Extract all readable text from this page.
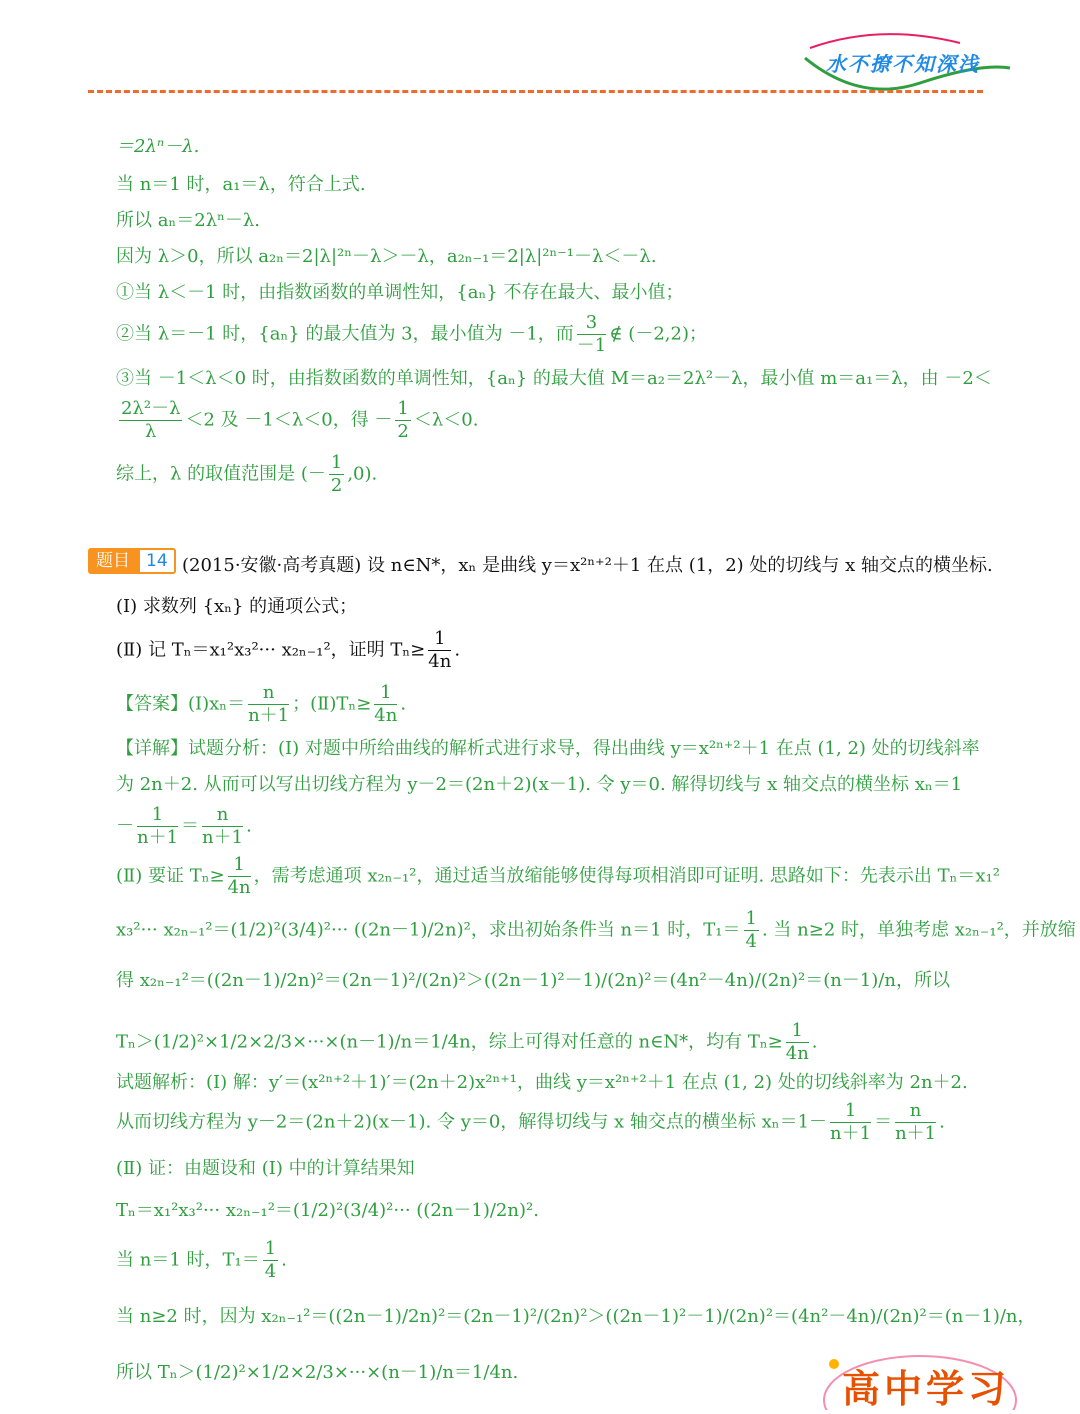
水不撩不知深浅
＝2λⁿ－λ.
当 n＝1 时，a₁＝λ，符合上式.
所以 aₙ＝2λⁿ－λ.
因为 λ＞0，所以 a₂ₙ＝2|λ|²ⁿ－λ＞－λ，a₂ₙ₋₁＝2|λ|²ⁿ⁻¹－λ＜－λ.
①当 λ＜－1 时，由指数函数的单调性知，{aₙ} 不存在最大、最小值；
②当 λ＝－1 时，{aₙ} 的最大值为 3，最小值为 －1，而 $\frac{3}{-1}$ ∉ (－2,2)；
③当 －1＜λ＜0 时，由指数函数的单调性知，{aₙ} 的最大值 M＝a₂＝2λ²－λ，最小值 m＝a₁＝λ，由 －2＜
$\frac{\text{2λ²－λ}}{\lambda} <2$ 及 －1＜λ＜0，得 － $\frac{1}{2} <\lambda<0$.
综上，λ 的取值范围是 (－ $\frac{1}{2} ,0$).
题目 14 (2015·安徽·高考真题) 设 n∈N*，xₙ 是曲线 y＝x²ⁿ⁺²＋1 在点 (1，2) 处的切线与 x 轴交点的横坐标.
(Ⅰ) 求数列 {xₙ} 的通项公式；
(Ⅱ) 记 Tₙ＝x₁²x₃²··· x₂ₙ₋₁²，证明 $T_n\ge \frac{1}{4n}$ .
【答案】(Ⅰ)xₙ＝ $\frac{n}{n+1}$ ；(Ⅱ)Tₙ≥ $\frac{1}{4n}$ .
【详解】试题分析：(Ⅰ) 对题中所给曲线的解析式进行求导，得出曲线 y＝x²ⁿ⁺²＋1 在点 (1, 2) 处的切线斜率
为 2n＋2. 从而可以写出切线方程为 y－2＝(2n＋2)(x－1). 令 y＝0. 解得切线与 x 轴交点的横坐标 xₙ＝1
－ $\frac{1}{n+1} = \frac{n}{n+1}$ .
(Ⅱ) 要证 $T_n\ge \frac{1}{4n}$ ，需考虑通项 x₂ₙ₋₁²，通过适当放缩能够使得每项相消即可证明. 思路如下：先表示出 Tₙ＝x₁²
x₃²··· x₂ₙ₋₁²＝(1/2)²(3/4)²··· ((2n－1)/2n)²，求出初始条件当 n＝1 时，$T_1= \frac{1}{4}$ . 当 n≥2 时，单独考虑 x₂ₙ₋₁²，并放缩
得 x₂ₙ₋₁²＝((2n－1)/2n)²＝(2n－1)²/(2n)²＞((2n－1)²－1)/(2n)²＝(4n²－4n)/(2n)²＝(n－1)/n，所以
Tₙ＞(1/2)²×1/2×2/3×···×(n－1)/n＝1/4n，综上可得对任意的 n∈N*，均有 $T_n\ge \frac{1}{4n}$ .
试题解析：(Ⅰ) 解：y′＝(x²ⁿ⁺²＋1)′＝(2n＋2)x²ⁿ⁺¹，曲线 y＝x²ⁿ⁺²＋1 在点 (1, 2) 处的切线斜率为 2n＋2.
从而切线方程为 y－2＝(2n＋2)(x－1). 令 y＝0，解得切线与 x 轴交点的横坐标 $x_n=1- \frac{1}{n+1} = \frac{n}{n+1}$ .
(Ⅱ) 证：由题设和 (Ⅰ) 中的计算结果知
Tₙ＝x₁²x₃²··· x₂ₙ₋₁²＝(1/2)²(3/4)²··· ((2n－1)/2n)².
当 n＝1 时，$T_1= \frac{1}{4}$ .
当 n≥2 时，因为 x₂ₙ₋₁²＝((2n－1)/2n)²＝(2n－1)²/(2n)²＞((2n－1)²－1)/(2n)²＝(4n²－4n)/(2n)²＝(n－1)/n，
所以 Tₙ＞(1/2)²×1/2×2/3×···×(n－1)/n＝1/4n.	高中学习
